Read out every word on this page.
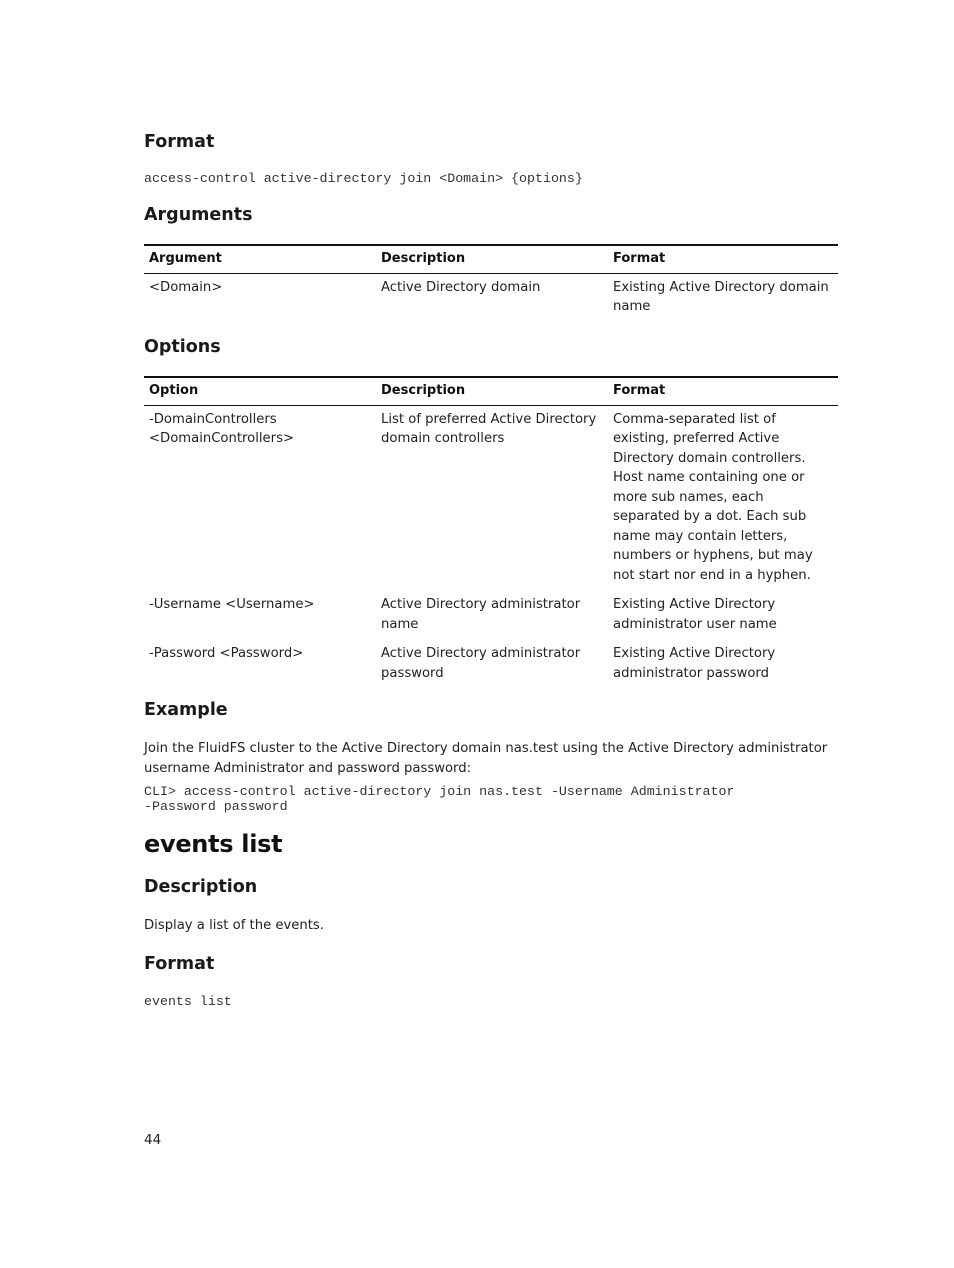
Format
access-control active-directory join <Domain> {options}
Arguments
Argument	Description	Format
<Domain>	Active Directory domain	Existing Active Directory domain name
Options
Option	Description	Format
-DomainControllers <DomainControllers>	List of preferred Active Directory domain controllers	Comma-separated list of existing, preferred Active Directory domain controllers. Host name containing one or more sub names, each separated by a dot. Each sub name may contain letters, numbers or hyphens, but may not start nor end in a hyphen.
-Username <Username>	Active Directory administrator name	Existing Active Directory administrator user name
-Password <Password>	Active Directory administrator password	Existing Active Directory administrator password
Example
Join the FluidFS cluster to the Active Directory domain nas.test using the Active Directory administrator username Administrator and password password:
CLI> access-control active-directory join nas.test -Username Administrator
-Password password
events list
Description
Display a list of the events.
Format
events list
44
